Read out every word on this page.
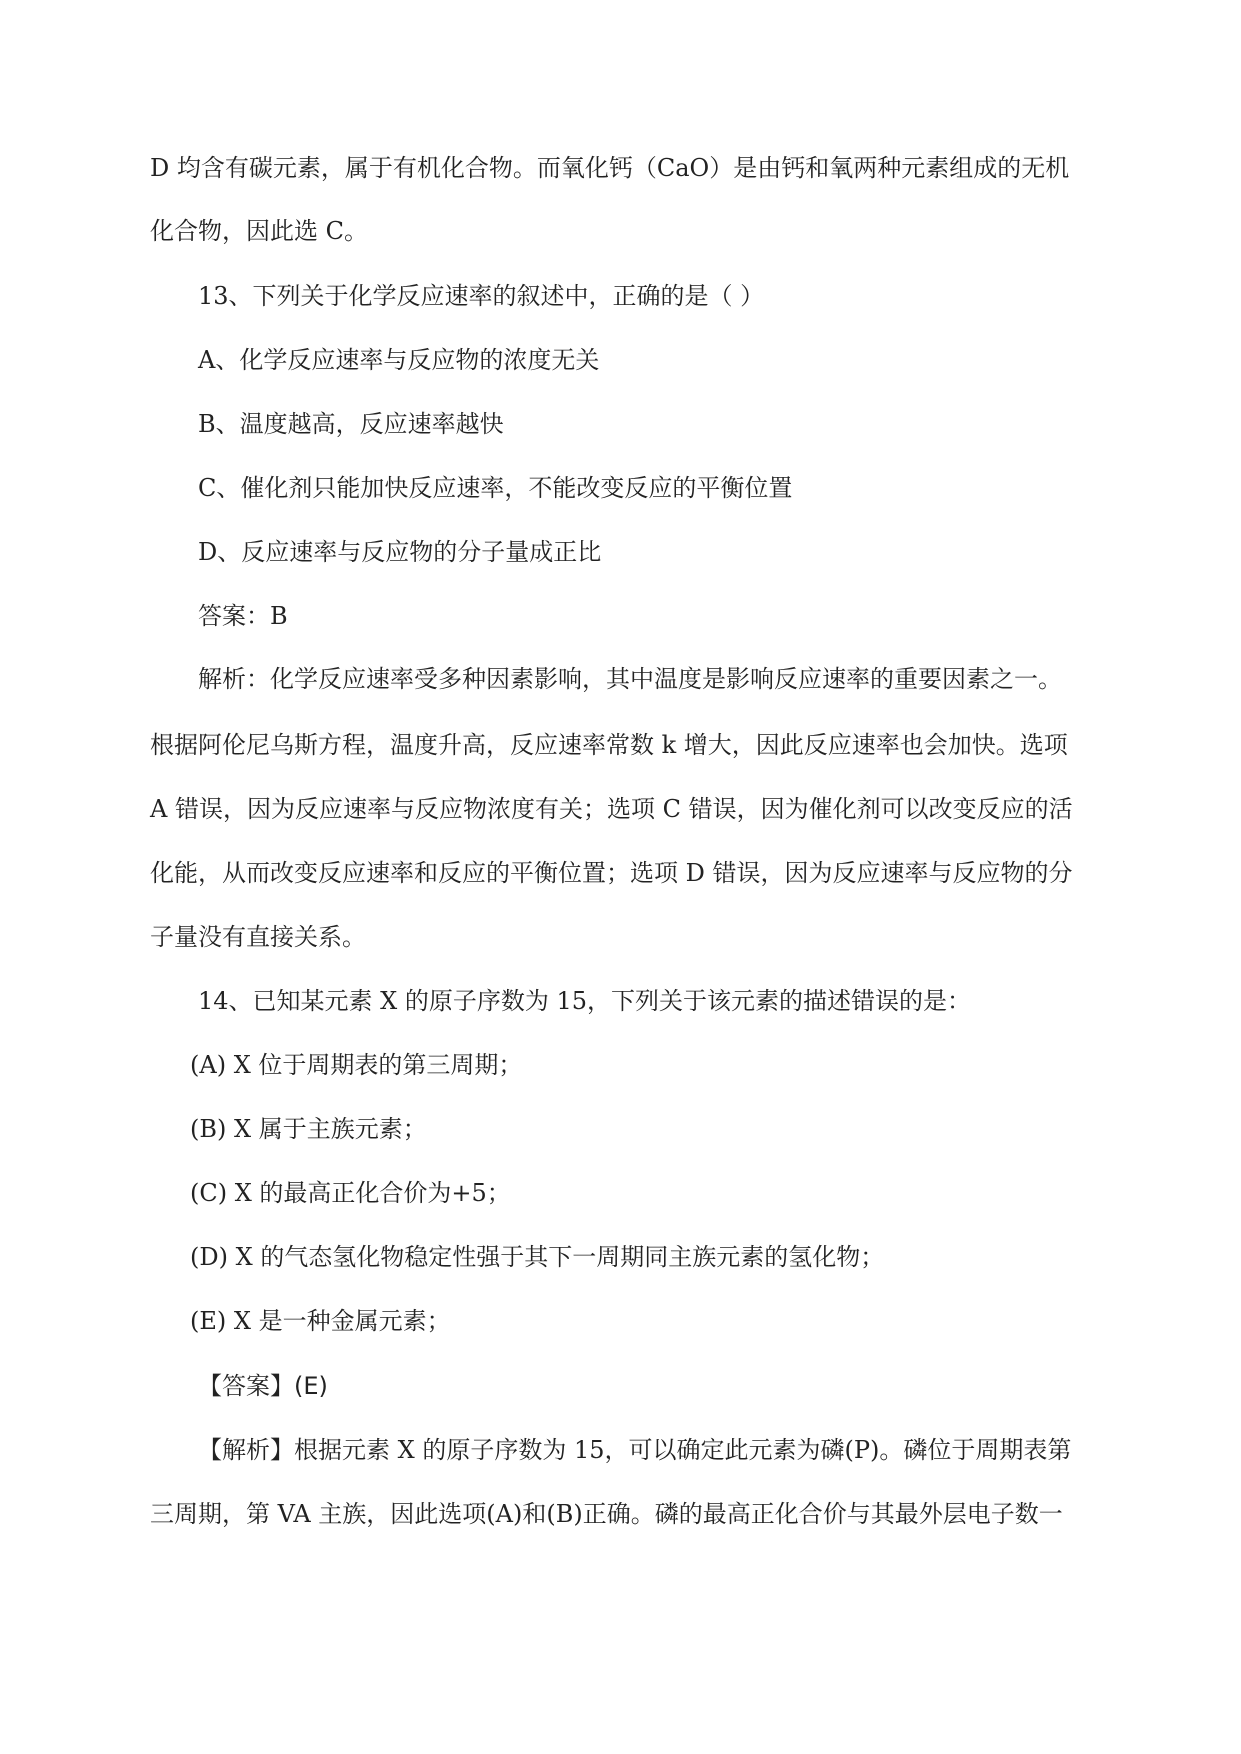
D 均含有碳元素，属于有机化合物。而氧化钙（CaO）是由钙和氧两种元素组成的无机
化合物，因此选 C。
13、下列关于化学反应速率的叙述中，正确的是（ ）
A、化学反应速率与反应物的浓度无关
B、温度越高，反应速率越快
C、催化剂只能加快反应速率，不能改变反应的平衡位置
D、反应速率与反应物的分子量成正比
答案：B
解析：化学反应速率受多种因素影响，其中温度是影响反应速率的重要因素之一。
根据阿伦尼乌斯方程，温度升高，反应速率常数 k 增大，因此反应速率也会加快。选项
A 错误，因为反应速率与反应物浓度有关；选项 C 错误，因为催化剂可以改变反应的活
化能，从而改变反应速率和反应的平衡位置；选项 D 错误，因为反应速率与反应物的分
子量没有直接关系。
14、已知某元素 X 的原子序数为 15，下列关于该元素的描述错误的是：
(A) X 位于周期表的第三周期；
(B) X 属于主族元素；
(C) X 的最高正化合价为+5；
(D) X 的气态氢化物稳定性强于其下一周期同主族元素的氢化物；
(E) X 是一种金属元素；
【答案】(E)
【解析】根据元素 X 的原子序数为 15，可以确定此元素为磷(P)。磷位于周期表第
三周期，第 VA 主族，因此选项(A)和(B)正确。磷的最高正化合价与其最外层电子数一
